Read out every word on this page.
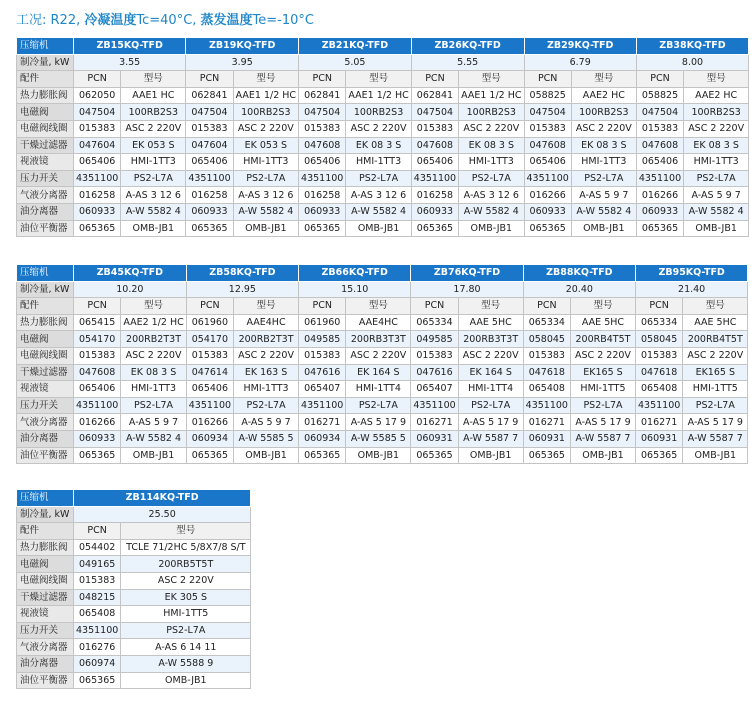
工况: R22, 冷凝温度Tc=40°C, 蒸发温度Te=-10°C
压缩机	ZB15KQ-TFD		ZB19KQ-TFD		ZB21KQ-TFD		ZB26KQ-TFD		ZB29KQ-TFD		ZB38KQ-TFD	
制冷量, kW	3.55		3.95		5.05		5.55		6.79		8.00	
配件	PCN	型号	PCN	型号	PCN	型号	PCN	型号	PCN	型号	PCN	型号
热力膨胀阀	062050	AAE1 HC	062841	AAE1 1/2 HC	062841	AAE1 1/2 HC	062841	AAE1 1/2 HC	058825	AAE2 HC	058825	AAE2 HC
电磁阀	047504	100RB2S3	047504	100RB2S3	047504	100RB2S3	047504	100RB2S3	047504	100RB2S3	047504	100RB2S3
电磁阀线圈	015383	ASC 2 220V	015383	ASC 2 220V	015383	ASC 2 220V	015383	ASC 2 220V	015383	ASC 2 220V	015383	ASC 2 220V
干燥过滤器	047604	EK 053 S	047604	EK 053 S	047608	EK 08 3 S	047608	EK 08 3 S	047608	EK 08 3 S	047608	EK 08 3 S
视液镜	065406	HMI-1TT3	065406	HMI-1TT3	065406	HMI-1TT3	065406	HMI-1TT3	065406	HMI-1TT3	065406	HMI-1TT3
压力开关	4351100	PS2-L7A	4351100	PS2-L7A	4351100	PS2-L7A	4351100	PS2-L7A	4351100	PS2-L7A	4351100	PS2-L7A
气液分离器	016258	A-AS 3 12 6	016258	A-AS 3 12 6	016258	A-AS 3 12 6	016258	A-AS 3 12 6	016266	A-AS 5 9 7	016266	A-AS 5 9 7
油分离器	060933	A-W 5582 4	060933	A-W 5582 4	060933	A-W 5582 4	060933	A-W 5582 4	060933	A-W 5582 4	060933	A-W 5582 4
油位平衡器	065365	OMB-JB1	065365	OMB-JB1	065365	OMB-JB1	065365	OMB-JB1	065365	OMB-JB1	065365	OMB-JB1
压缩机	ZB45KQ-TFD		ZB58KQ-TFD		ZB66KQ-TFD		ZB76KQ-TFD		ZB88KQ-TFD		ZB95KQ-TFD	
制冷量, kW	10.20		12.95		15.10		17.80		20.40		21.40	
配件	PCN	型号	PCN	型号	PCN	型号	PCN	型号	PCN	型号	PCN	型号
热力膨胀阀	065415	AAE2 1/2 HC	061960	AAE4HC	061960	AAE4HC	065334	AAE 5HC	065334	AAE 5HC	065334	AAE 5HC
电磁阀	054170	200RB2T3T	054170	200RB2T3T	049585	200RB3T3T	049585	200RB3T3T	058045	200RB4T5T	058045	200RB4T5T
电磁阀线圈	015383	ASC 2 220V	015383	ASC 2 220V	015383	ASC 2 220V	015383	ASC 2 220V	015383	ASC 2 220V	015383	ASC 2 220V
干燥过滤器	047608	EK 08 3 S	047614	EK 163 S	047616	EK 164 S	047616	EK 164 S	047618	EK165 S	047618	EK165 S
视液镜	065406	HMI-1TT3	065406	HMI-1TT3	065407	HMI-1TT4	065407	HMI-1TT4	065408	HMI-1TT5	065408	HMI-1TT5
压力开关	4351100	PS2-L7A	4351100	PS2-L7A	4351100	PS2-L7A	4351100	PS2-L7A	4351100	PS2-L7A	4351100	PS2-L7A
气液分离器	016266	A-AS 5 9 7	016266	A-AS 5 9 7	016271	A-AS 5 17 9	016271	A-AS 5 17 9	016271	A-AS 5 17 9	016271	A-AS 5 17 9
油分离器	060933	A-W 5582 4	060934	A-W 5585 5	060934	A-W 5585 5	060931	A-W 5587 7	060931	A-W 5587 7	060931	A-W 5587 7
油位平衡器	065365	OMB-JB1	065365	OMB-JB1	065365	OMB-JB1	065365	OMB-JB1	065365	OMB-JB1	065365	OMB-JB1
压缩机	ZB114KQ-TFD	
制冷量, kW	25.50	
配件	PCN	型号
热力膨胀阀	054402	TCLE 71/2HC 5/8X7/8 S/T
电磁阀	049165	200RB5T5T
电磁阀线圈	015383	ASC 2 220V
干燥过滤器	048215	EK 305 S
视液镜	065408	HMI-1TT5
压力开关	4351100	PS2-L7A
气液分离器	016276	A-AS 6 14 11
油分离器	060974	A-W 5588 9
油位平衡器	065365	OMB-JB1
